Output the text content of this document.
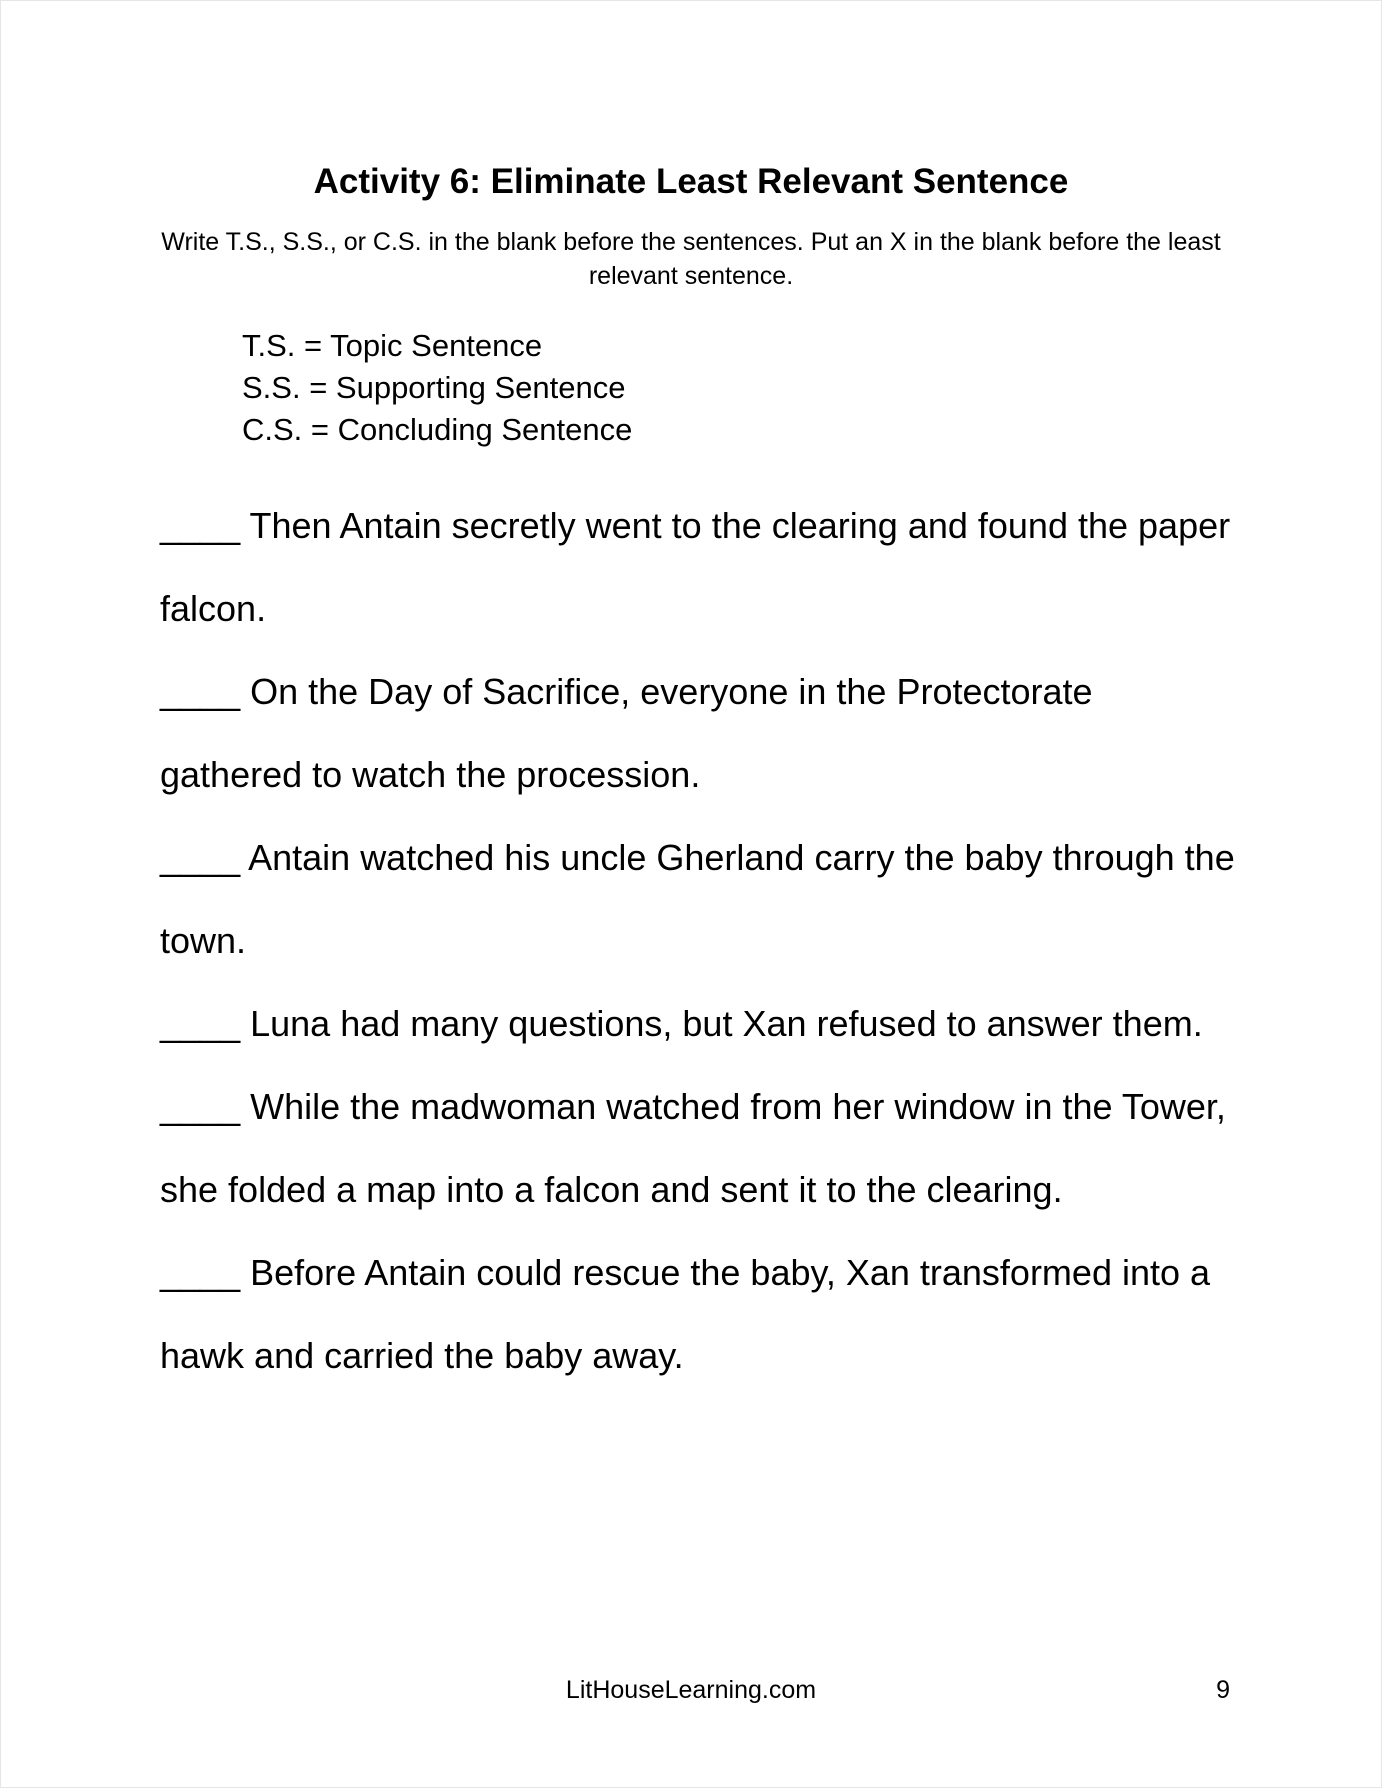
Activity 6: Eliminate Least Relevant Sentence
Write T.S., S.S., or C.S. in the blank before the sentences. Put an X in the blank before the least relevant sentence.
T.S. = Topic Sentence
S.S. = Supporting Sentence
C.S. = Concluding Sentence

____ Then Antain secretly went to the clearing and found the paper falcon.

____ On the Day of Sacrifice, everyone in the Protectorate gathered to watch the procession.

____ Antain watched his uncle Gherland carry the baby through the town.

____ Luna had many questions, but Xan refused to answer them.

____ While the madwoman watched from her window in the Tower, she folded a map into a falcon and sent it to the clearing.

____ Before Antain could rescue the baby, Xan transformed into a hawk and carried the baby away.

LitHouseLearning.com	9
